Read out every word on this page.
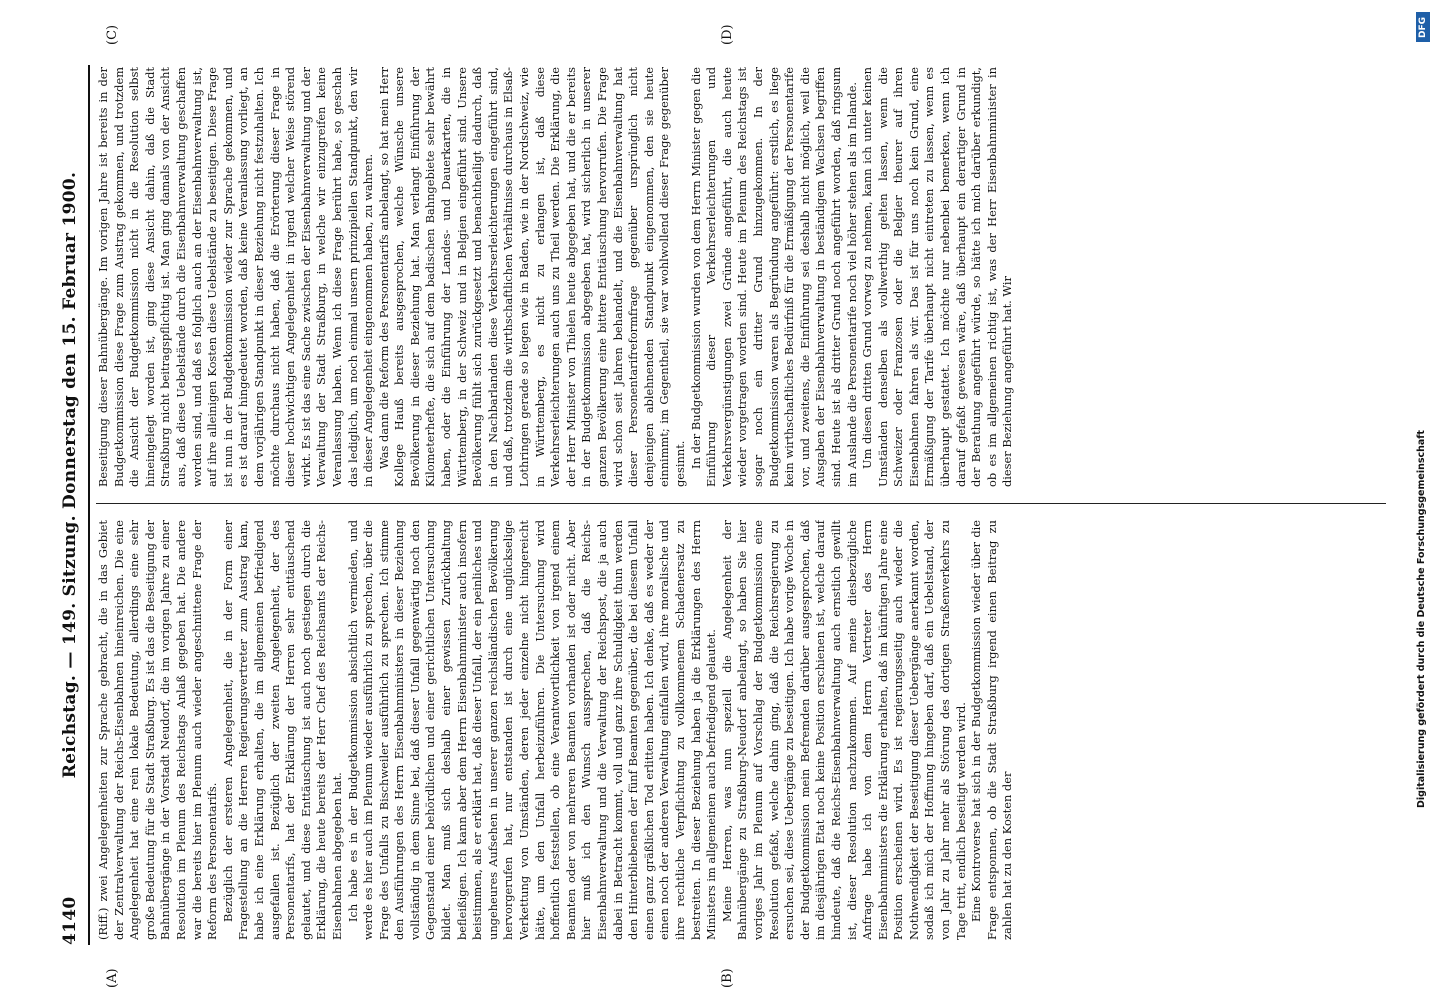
4140
Reichstag. — 149. Sitzung. Donnerstag den 15. Februar 1900.
(A)	(B)
(C)	(D)

(Riff.) zwei Angelegenheiten zur Sprache gebracht, die in das Gebiet der Zentralverwaltung der Reichs-Eisenbahnen hineinreichen. Die eine Angelegenheit hat eine rein lokale Bedeutung, allerdings eine sehr große Bedeutung für die Stadt Straßburg. Es ist das die Beseitigung der Bahnübergänge in der Vorstadt Neudorf, die im vorigen Jahre zu einer Resolution im Plenum des Reichstags Anlaß gegeben hat. Die andere war die bereits hier im Plenum auch wieder angeschnittene Frage der Reform des Personentarifs. Bezüglich der ersteren Angelegenheit, die in der Form einer Fragestellung an die Herren Regierungsvertreter zum Austrag kam, habe ich eine Erklärung erhalten, die im allgemeinen befriedigend ausgefallen ist. Bezüglich der zweiten Angelegenheit, der des Personentarifs, hat der Erklärung der Herren sehr enttäuschend gelautet, und diese Enttäuschung ist auch noch gestiegen durch die Erklärung, die heute bereits der Herr Chef des Reichsamts der Reichs-Eisenbahnen abgegeben hat. Ich habe es in der Budgetkommission absichtlich vermieden, und werde es hier auch im Plenum wieder ausführlich zu sprechen, über die Frage des Unfalls zu Bischweiler ausführlich zu sprechen. Ich stimme den Ausführungen des Herrn Eisenbahnministers in dieser Beziehung vollständig in dem Sinne bei, daß dieser Unfall gegenwärtig noch den Gegenstand einer behördlichen und einer gerichtlichen Untersuchung bildet. Man muß sich deshalb einer gewissen Zurückhaltung befleißigen. Ich kann aber dem Herrn Eisenbahnminister auch insofern beistimmen, als er erklärt hat, daß dieser Unfall, der ein peinliches und ungeheures Aufsehen in unserer ganzen reichsländischen Bevölkerung hervorgerufen hat, nur entstanden ist durch eine unglückselige Verkettung von Umständen, deren jeder einzelne nicht hingereicht hätte, um den Unfall herbeizuführen. Die Untersuchung wird hoffentlich feststellen, ob eine Verantwortlichkeit von irgend einem Beamten oder von mehreren Beamten vorhanden ist oder nicht. Aber hier muß ich den Wunsch aussprechen, daß die Reichs-Eisenbahnverwaltung und die Verwaltung der Reichspost, die ja auch dabei in Betracht kommt, voll und ganz ihre Schuldigkeit thun werden den Hinterbliebenen der fünf Beamten gegenüber, die bei diesem Unfall einen ganz gräßlichen Tod erlitten haben. Ich denke, daß es weder der einen noch der anderen Verwaltung einfallen wird, ihre moralische und ihre rechtliche Verpflichtung zu vollkommenem Schadenersatz zu bestreiten. In dieser Beziehung haben ja die Erklärungen des Herrn Ministers im allgemeinen auch befriedigend gelautet. Meine Herren, was nun speziell die Angelegenheit der Bahnübergänge zu Straßburg-Neudorf anbelangt, so haben Sie hier voriges Jahr im Plenum auf Vorschlag der Budgetkommission eine Resolution gefaßt, welche dahin ging, daß die Reichsregierung zu ersuchen sei, diese Uebergänge zu beseitigen. Ich habe vorige Woche in der Budgetkommission mein Befremden darüber ausgesprochen, daß im diesjährigen Etat noch keine Position erschienen ist, welche darauf hindeute, daß die Reichs-Eisenbahnverwaltung auch ernstlich gewillt ist, dieser Resolution nachzukommen. Auf meine diesbezügliche Anfrage habe ich von dem Herrn Vertreter des Herrn Eisenbahnministers die Erklärung erhalten, daß im künftigen Jahre eine Position erscheinen wird. Es ist regierungsseitig auch wieder die Nothwendigkeit der Beseitigung dieser Uebergänge anerkannt worden, sodaß ich mich der Hoffnung hingeben darf, daß ein Uebelstand, der von Jahr zu Jahr mehr als Störung des dortigen Straßenverkehrs zu Tage tritt, endlich beseitigt werden wird. Eine Kontroverse hat sich in der Budgetkommission wieder über die Frage entsponnen, ob die Stadt Straßburg irgend einen Beitrag zu zahlen hat zu den Kosten der

Beseitigung dieser Bahnübergänge. Im vorigen Jahre ist bereits in der Budgetkommission diese Frage zum Austrag gekommen, und trotzdem die Ansicht der Budgetkommission nicht in die Resolution selbst hineingelegt worden ist, ging diese Ansicht dahin, daß die Stadt Straßburg nicht beitragspflichtig ist. Man ging damals von der Ansicht aus, daß diese Uebelstände durch die Eisenbahnverwaltung geschaffen worden sind, und daß es folglich auch an der Eisenbahnverwaltung ist, auf ihre alleinigen Kosten diese Uebelstände zu beseitigen. Diese Frage ist nun in der Budgetkommission wieder zur Sprache gekommen, und es ist darauf hingedeutet worden, daß keine Veranlassung vorliegt, an dem vorjährigen Standpunkt in dieser Beziehung nicht festzuhalten. Ich möchte durchaus nicht haben, daß die Erörterung dieser Frage in dieser hochwichtigen Angelegenheit in irgend welcher Weise störend wirkt. Es ist das eine Sache zwischen der Eisenbahnverwaltung und der Verwaltung der Stadt Straßburg, in welche wir einzugreifen keine Veranlassung haben. Wenn ich diese Frage berührt habe, so geschah das lediglich, um noch einmal unsern prinzipiellen Standpunkt, den wir in dieser Angelegenheit eingenommen haben, zu wahren. Was dann die Reform des Personentarifs anbelangt, so hat mein Herr Kollege Hauß bereits ausgesprochen, welche Wünsche unsere Bevölkerung in dieser Beziehung hat. Man verlangt Einführung der Kilometerhefte, die sich auf dem badischen Bahngebiete sehr bewährt haben, oder die Einführung der Landes- und Dauerkarten, die in Württemberg, in der Schweiz und in Belgien eingeführt sind. Unsere Bevölkerung fühlt sich zurückgesetzt und benachtheiligt dadurch, daß in den Nachbarlanden diese Verkehrserleichterungen eingeführt sind, und daß, trotzdem die wirthschaftlichen Verhältnisse durchaus in Elsaß-Lothringen gerade so liegen wie in Baden, wie in der Nordschweiz, wie in Württemberg, es nicht zu erlangen ist, daß diese Verkehrserleichterungen auch uns zu Theil werden. Die Erklärung, die der Herr Minister von Thielen heute abgegeben hat, und die er bereits in der Budgetkommission abgegeben hat, wird sicherlich in unserer ganzen Bevölkerung eine bittere Enttäuschung hervorrufen. Die Frage wird schon seit Jahren behandelt, und die Eisenbahnverwaltung hat dieser Personentarifreformfrage gegenüber ursprünglich nicht denjenigen ablehnenden Standpunkt eingenommen, den sie heute einnimmt; im Gegentheil, sie war wohlwollend dieser Frage gegenüber gesinnt. In der Budgetkommission wurden von dem Herrn Minister gegen die Einführung dieser Verkehrserleichterungen und Verkehrsvergünstigungen zwei Gründe angeführt, die auch heute wieder vorgetragen worden sind. Heute im Plenum des Reichstags ist sogar noch ein dritter Grund hinzugekommen. In der Budgetkommission waren als Begründung angeführt: erstlich, es liege kein wirthschaftliches Bedürfniß für die Ermäßigung der Personentarife vor, und zweitens, die Einführung sei deshalb nicht möglich, weil die Ausgaben der Eisenbahnverwaltung in beständigem Wachsen begriffen sind. Heute ist als dritter Grund noch angeführt worden, daß ringsum im Auslande die Personentarife noch viel höher stehen als im Inlande. Um diesen dritten Grund vorweg zu nehmen, kann ich unter keinen Umständen denselben als vollwerthig gelten lassen, wenn die Schweizer oder Franzosen oder die Belgier theurer auf ihren Eisenbahnen fahren als wir. Das ist für uns noch kein Grund, eine Ermäßigung der Tarife überhaupt nicht eintreten zu lassen, wenn es überhaupt gestattet. Ich möchte nur nebenbei bemerken, wenn ich darauf gefaßt gewesen wäre, daß überhaupt ein derartiger Grund in der Berathung angeführt würde, so hätte ich mich darüber erkundigt, ob es im allgemeinen richtig ist, was der Herr Eisenbahnminister in dieser Beziehung angeführt hat. Wir

DFG
Digitalisierung gefördert durch die Deutsche Forschungsgemeinschaft
